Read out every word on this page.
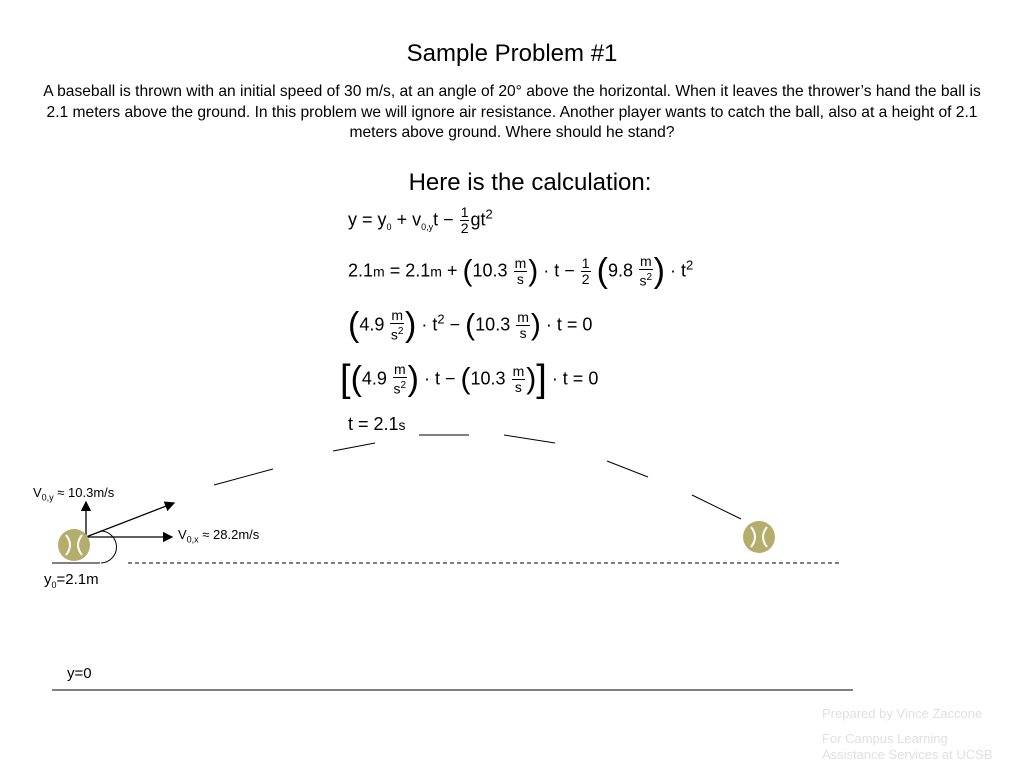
Sample Problem #1
A baseball is thrown with an initial speed of 30 m/s, at an angle of 20° above the horizontal. When it leaves the thrower’s hand the ball is 2.1 meters above the ground. In this problem we will ignore air resistance. Another player wants to catch the ball, also at a height of 2.1 meters above ground. Where should he stand?
Here is the calculation:
$y = y_0 + v_{0,y}t - \frac{1}{2} gt^2$
$2.1m = 2.1m + (10.3 \frac{m}{s}$ ) · $t - \frac{1}{2} (9.8 \frac{m}{s^2}$ ) · $t^2$
($4.9 \frac{m}{s^2}$ ) · $t^2 - (10.3 \frac{m}{s}$ ) · t = 0
[($4.9 \frac{m}{s^2}$ ) · $t - (10.3 \frac{m}{s}$ )] · t = 0
t = 2.1s
$V_{0,y} \approx 10.3m/s$
$V_{0,x} \approx 28.2m/s$
$y_0=2.1m$
y=0
Prepared by Vince Zaccone
For Campus Learning
Assistance Services at UCSB
